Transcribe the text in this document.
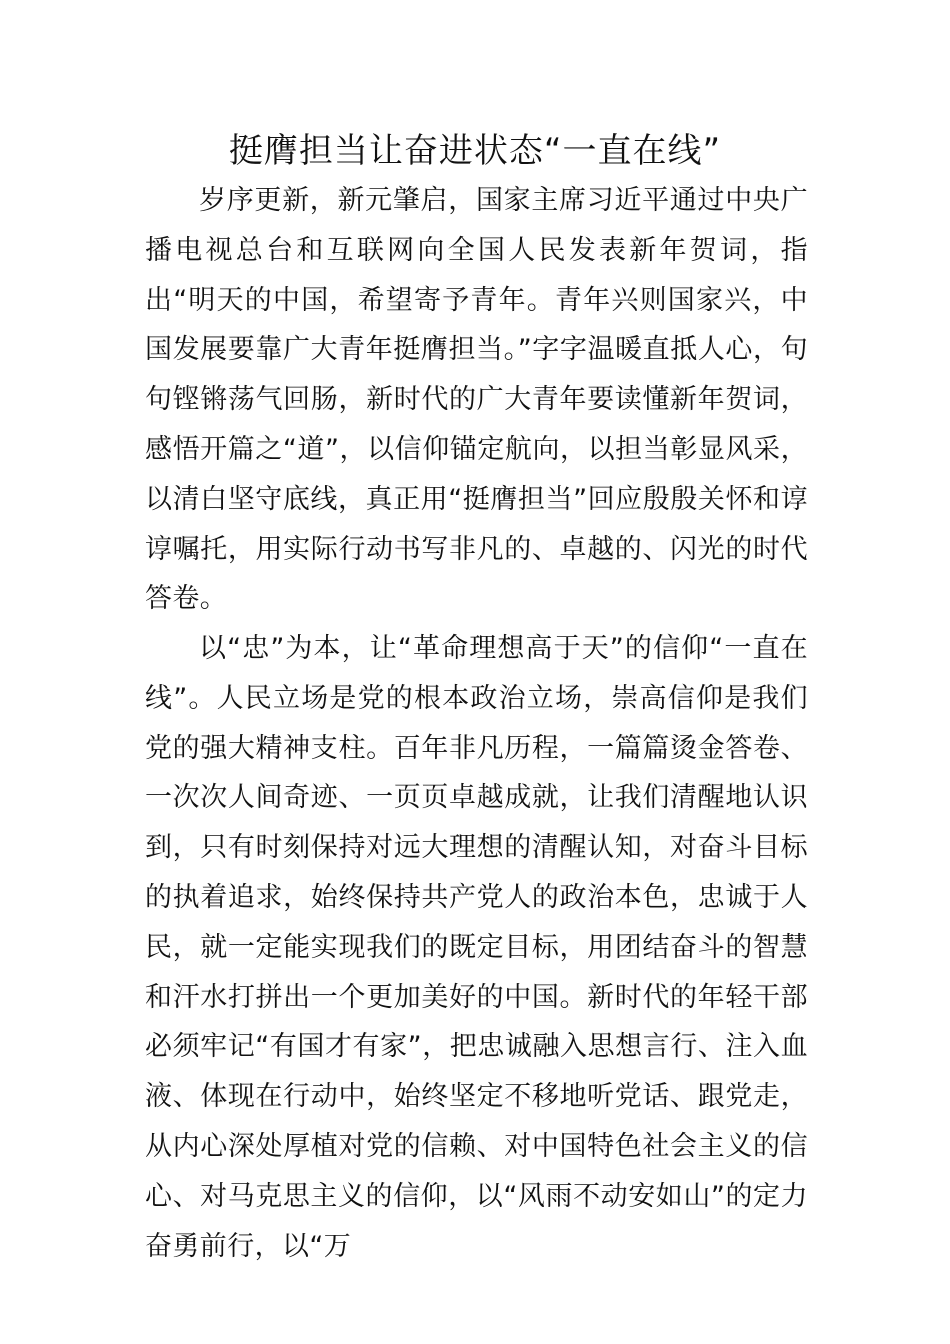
挺膺担当让奋进状态“一直在线”

岁序更新，新元肇启，国家主席习近平通过中央广播电视总台和互联网向全国人民发表新年贺词，指出“明天的中国，希望寄予青年。青年兴则国家兴，中国发展要靠广大青年挺膺担当。”字字温暖直抵人心，句句铿锵荡气回肠，新时代的广大青年要读懂新年贺词，感悟开篇之“道”，以信仰锚定航向，以担当彰显风采，以清白坚守底线，真正用“挺膺担当”回应殷殷关怀和谆谆嘱托，用实际行动书写非凡的、卓越的、闪光的时代答卷。

以“忠”为本，让“革命理想高于天”的信仰“一直在线”。人民立场是党的根本政治立场，崇高信仰是我们党的强大精神支柱。百年非凡历程，一篇篇烫金答卷、一次次人间奇迹、一页页卓越成就，让我们清醒地认识到，只有时刻保持对远大理想的清醒认知，对奋斗目标的执着追求，始终保持共产党人的政治本色，忠诚于人民，就一定能实现我们的既定目标，用团结奋斗的智慧和汗水打拼出一个更加美好的中国。新时代的年轻干部必须牢记“有国才有家”，把忠诚融入思想言行、注入血液、体现在行动中，始终坚定不移地听党话、跟党走，从内心深处厚植对党的信赖、对中国特色社会主义的信心、对马克思主义的信仰，以“风雨不动安如山”的定力奋勇前行，以“万
